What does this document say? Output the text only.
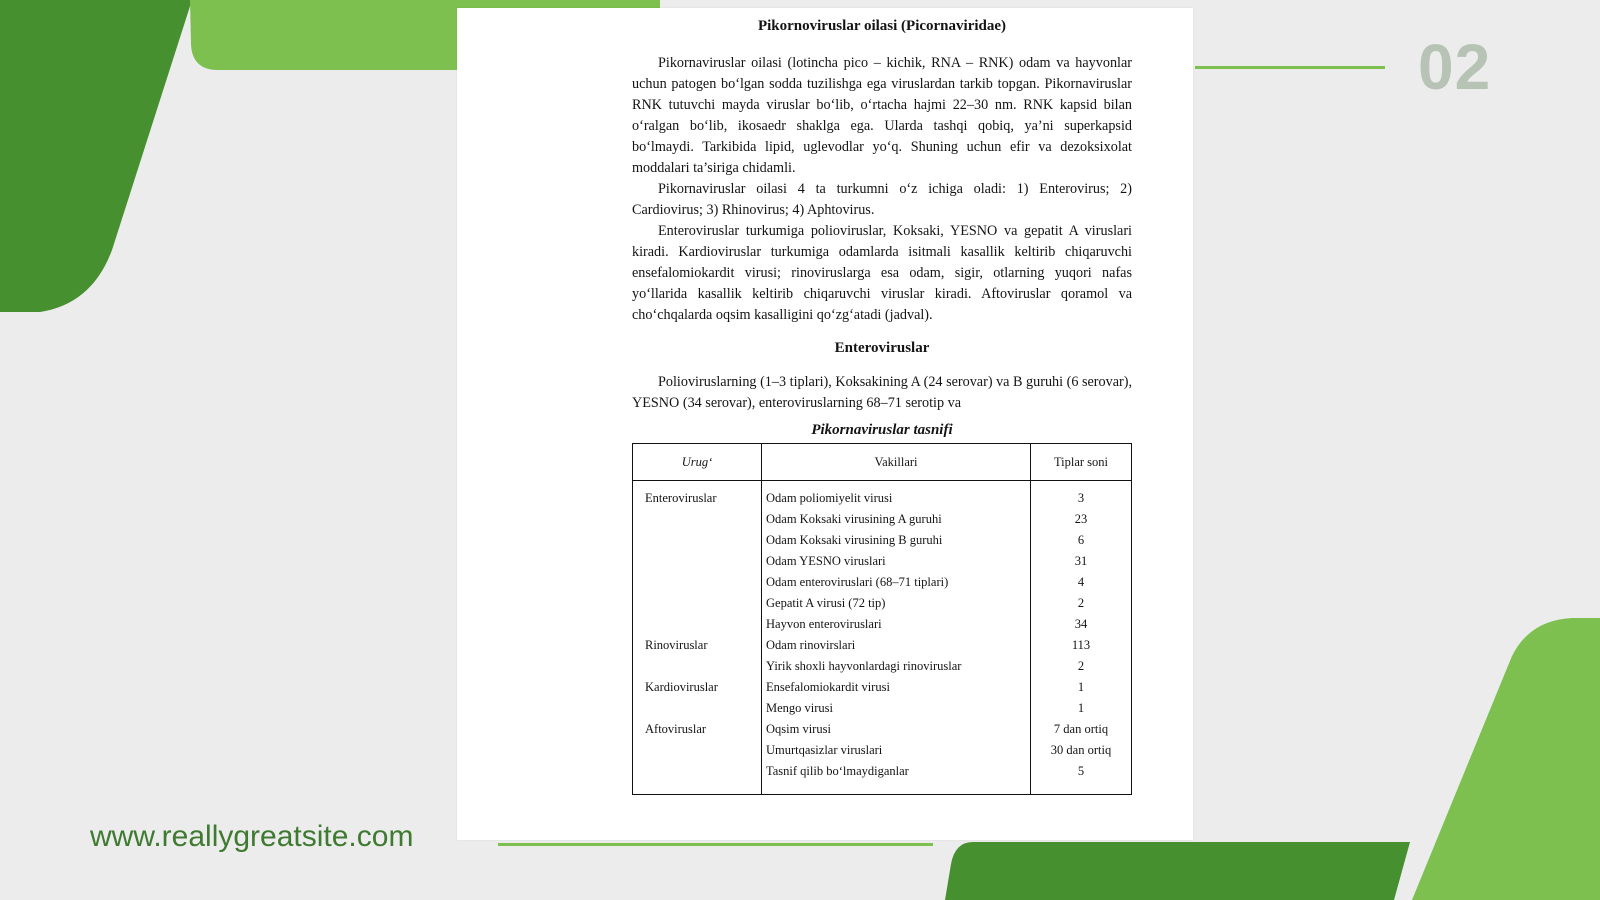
02
www.reallygreatsite.com
Pikornoviruslar oilasi (Picornaviridae)

Pikornaviruslar oilasi (lotincha pico – kichik, RNA – RNK) odam va hayvonlar uchun patogen bo‘lgan sodda tuzilishga ega viruslardan tarkib topgan. Pikornaviruslar RNK tutuvchi mayda viruslar bo‘lib, o‘rtacha hajmi 22–30 nm. RNK kapsid bilan o‘ralgan bo‘lib, ikosaedr shaklga ega. Ularda tashqi qobiq, ya’ni superkapsid bo‘lmaydi. Tarkibida lipid, uglevodlar yo‘q. Shuning uchun efir va dezoksixolat moddalari ta’siriga chidamli.

Pikornaviruslar oilasi 4 ta turkumni o‘z ichiga oladi: 1) Enterovirus; 2) Cardiovirus; 3) Rhinovirus; 4) Aphtovirus.

Enteroviruslar turkumiga polioviruslar, Koksaki, YESNO va gepatit A viruslari kiradi. Kardioviruslar turkumiga odamlarda isitmali kasallik keltirib chiqaruvchi ensefalomiokardit virusi; rinoviruslarga esa odam, sigir, otlarning yuqori nafas yo‘llarida kasallik keltirib chiqaruvchi viruslar kiradi. Aftoviruslar qoramol va cho‘chqalarda oqsim kasalligini qo‘zg‘atadi (jadval).

Enteroviruslar

Polioviruslarning (1–3 tiplari), Koksakining A (24 serovar) va B guruhi (6 serovar), YESNO (34 serovar), enteroviruslarning 68–71 serotip va

Pikornaviruslar tasnifi
Urug‘	Vakillari	Tiplar soni
Enteroviruslar	Odam poliomiyelit virusi	3
	Odam Koksaki virusining A guruhi	23
	Odam Koksaki virusining B guruhi	6
	Odam YESNO viruslari	31
	Odam enteroviruslari (68–71 tiplari)	4
	Gepatit A virusi (72 tip)	2
	Hayvon enteroviruslari	34
Rinoviruslar	Odam rinovirslari	113
	Yirik shoxli hayvonlardagi rinoviruslar	2
Kardioviruslar	Ensefalomiokardit virusi	1
	Mengo virusi	1
Aftoviruslar	Oqsim virusi	7 dan ortiq
	Umurtqasizlar viruslari	30 dan ortiq
	Tasnif qilib bo‘lmaydiganlar	5
